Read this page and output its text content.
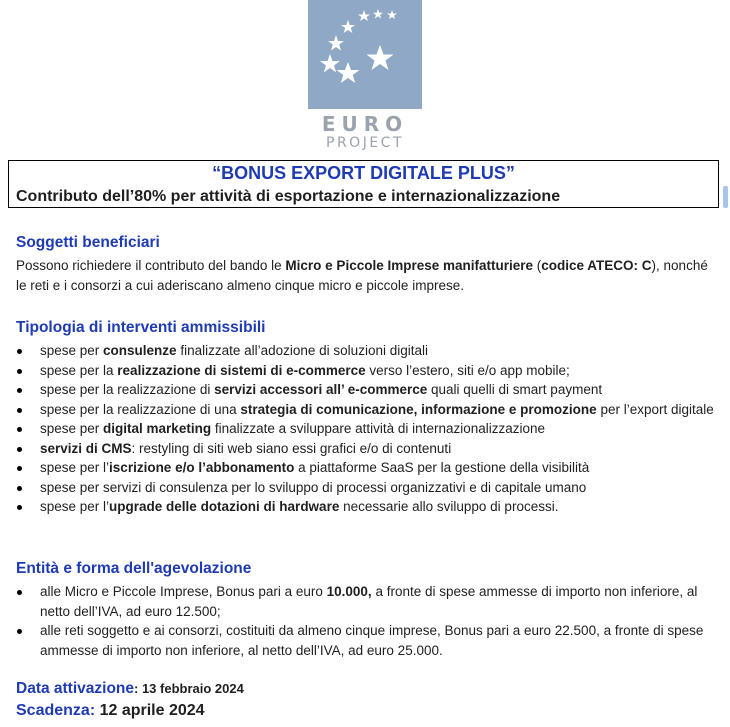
EURO
PROJECT
“BONUS EXPORT DIGITALE PLUS”
Contributo dell’80% per attività di esportazione e internazionalizzazione
Soggetti beneficiari
Possono richiedere il contributo del bando le Micro e Piccole Imprese manifatturiere (codice ATECO: C), nonché le reti e i consorzi a cui aderiscano almeno cinque micro e piccole imprese.
Tipologia di interventi ammissibili
spese per consulenze finalizzate all’adozione di soluzioni digitali
spese per la realizzazione di sistemi di e-commerce verso l’estero, siti e/o app mobile;
spese per la realizzazione di servizi accessori all’ e-commerce quali quelli di smart payment
spese per la realizzazione di una strategia di comunicazione, informazione e promozione per l’export digitale
spese per digital marketing finalizzate a sviluppare attività di internazionalizzazione
servizi di CMS: restyling di siti web siano essi grafici e/o di contenuti
spese per l’iscrizione e/o l’abbonamento a piattaforme SaaS per la gestione della visibilità
spese per servizi di consulenza per lo sviluppo di processi organizzativi e di capitale umano
spese per l’upgrade delle dotazioni di hardware necessarie allo sviluppo di processi.
Entità e forma dell'agevolazione
alle Micro e Piccole Imprese, Bonus pari a euro 10.000, a fronte di spese ammesse di importo non inferiore, al netto dell’IVA, ad euro 12.500;
alle reti soggetto e ai consorzi, costituiti da almeno cinque imprese, Bonus pari a euro 22.500, a fronte di spese ammesse di importo non inferiore, al netto dell’IVA, ad euro 25.000.
Data attivazione: 13 febbraio 2024
Scadenza: 12 aprile 2024
